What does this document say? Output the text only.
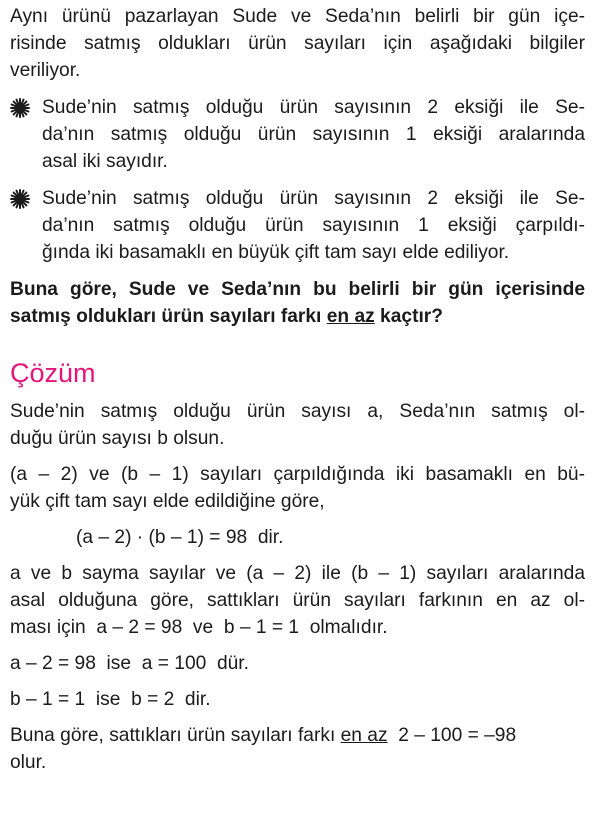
Aynı ürünü pazarlayan Sude ve Seda’nın belirli bir gün içe-
risinde satmış oldukları ürün sayıları için aşağıdaki bilgiler
veriliyor.
Sude’nin satmış olduğu ürün sayısının 2 eksiği ile Se-
da’nın satmış olduğu ürün sayısının 1 eksiği aralarında
asal iki sayıdır.
Sude’nin satmış olduğu ürün sayısının 2 eksiği ile Se-
da’nın satmış olduğu ürün sayısının 1 eksiği çarpıldı-
ğında iki basamaklı en büyük çift tam sayı elde ediliyor.
Buna göre, Sude ve Seda’nın bu belirli bir gün içerisinde
satmış oldukları ürün sayıları farkı en az kaçtır?
Çözüm
Sude’nin satmış olduğu ürün sayısı a, Seda’nın satmış ol-
duğu ürün sayısı b olsun.
(a – 2) ve (b – 1) sayıları çarpıldığında iki basamaklı en bü-
yük çift tam sayı elde edildiğine göre,
(a – 2) · (b – 1) = 98  dir.
a ve b sayma sayılar ve (a – 2) ile (b – 1) sayıları aralarında
asal olduğuna göre, sattıkları ürün sayıları farkının en az ol-
ması için  a – 2 = 98  ve  b – 1 = 1  olmalıdır.
a – 2 = 98  ise  a = 100  dür.
b – 1 = 1  ise  b = 2  dir.
Buna göre, sattıkları ürün sayıları farkı en az  2 – 100 = –98
olur.
